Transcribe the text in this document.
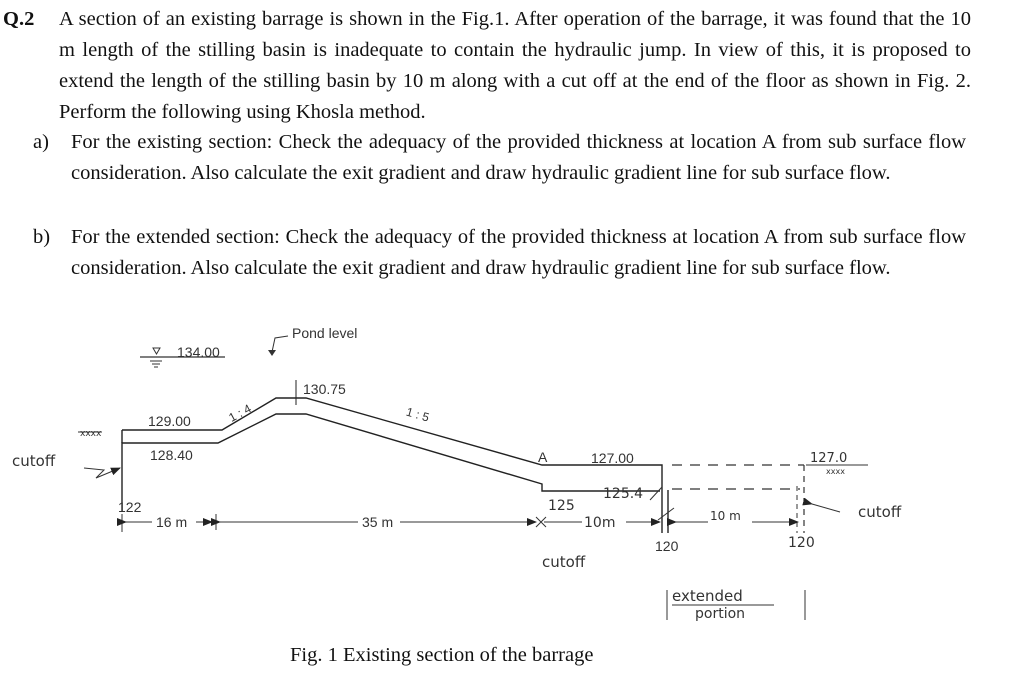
Q.2 A section of an existing barrage is shown in the Fig.1. After operation of the barrage, it was found that the 10 m length of the stilling basin is inadequate to contain the hydraulic jump. In view of this, it is proposed to extend the length of the stilling basin by 10 m along with a cut off at the end of the floor as shown in Fig. 2. Perform the following using Khosla method.
a) For the existing section: Check the adequacy of the provided thickness at location A from sub surface flow consideration. Also calculate the exit gradient and draw hydraulic gradient line for sub surface flow.
b) For the extended section: Check the adequacy of the provided thickness at location A from sub surface flow consideration. Also calculate the exit gradient and draw hydraulic gradient line for sub surface flow.
134.00
Pond level
xxxx
1 : 4	1 : 5
129.00
128.40
130.75
A	127.00
122
120
16 m	35 m	10m
125
125.4
cutoff
cutoff
10 m
127.0
xxxx
120
cutoff
extended
portion
Fig. 1 Existing section of the barrage
